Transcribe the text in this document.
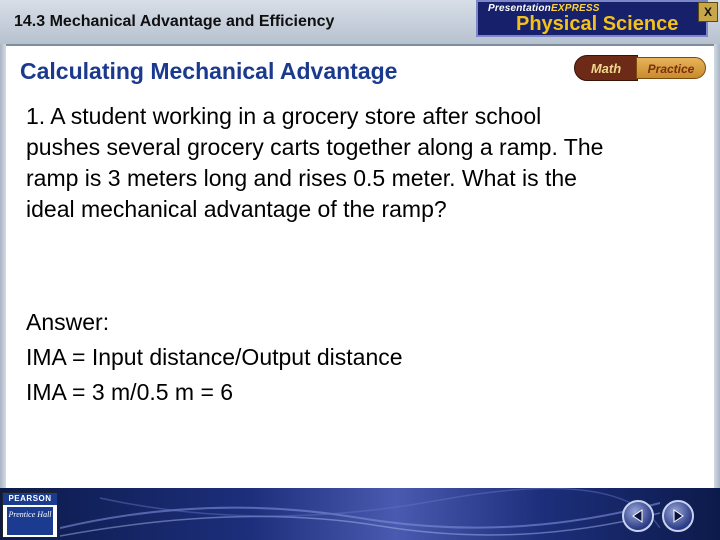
14.3 Mechanical Advantage and Efficiency
PresentationEXPRESS
Physical Science
X
Calculating Mechanical Advantage	Math	Practice
1. A student working in a grocery store after school pushes several grocery carts together along a ramp. The ramp is 3 meters long and rises 0.5 meter. What is the ideal mechanical advantage of the ramp?
Answer:
IMA = Input distance/Output distance
IMA = 3 m/0.5 m = 6
PEARSON
Prentice Hall
